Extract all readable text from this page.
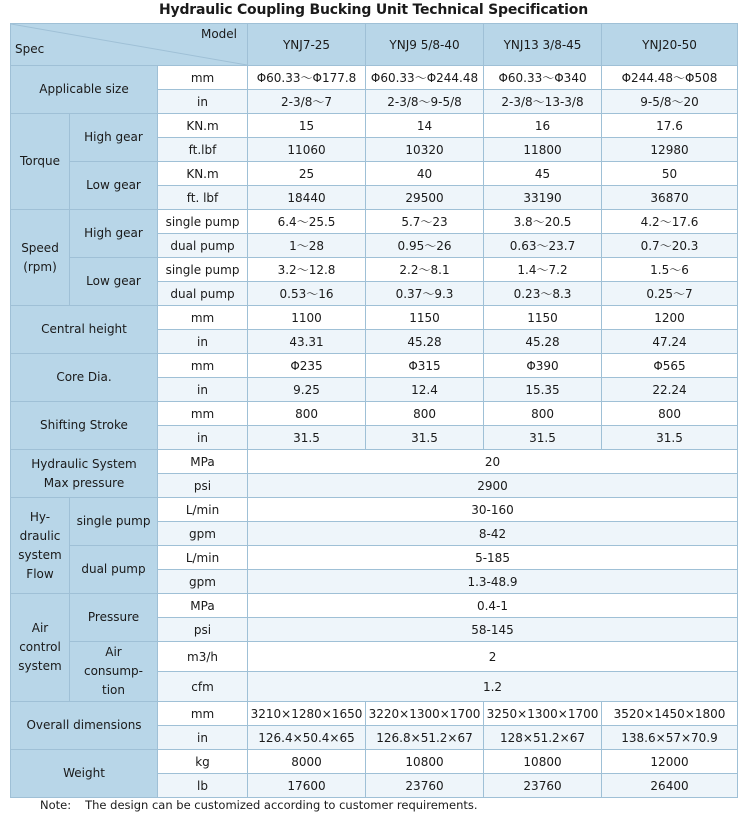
Hydraulic Coupling Bucking Unit Technical Specification
Model
Spec			YNJ7-25	YNJ9 5/8-40	YNJ13 3/8-45	YNJ20-50
Applicable size		mm	Φ60.33～Φ177.8	Φ60.33～Φ244.48	Φ60.33～Φ340	Φ244.48～Φ508
		in	2-3/8～7	2-3/8～9-5/8	2-3/8～13-3/8	9-5/8～20
Torque	High gear	KN.m	15	14	16	17.6
		ft.lbf	11060	10320	11800	12980
	Low gear	KN.m	25	40	45	50
		ft. lbf	18440	29500	33190	36870
Speed
(rpm)	High gear	single pump	6.4～25.5	5.7～23	3.8～20.5	4.2～17.6
		dual pump	1～28	0.95～26	0.63～23.7	0.7～20.3
	Low gear	single pump	3.2～12.8	2.2～8.1	1.4～7.2	1.5～6
		dual pump	0.53～16	0.37～9.3	0.23～8.3	0.25～7
Central height		mm	1100	1150	1150	1200
		in	43.31	45.28	45.28	47.24
Core Dia.		mm	Φ235	Φ315	Φ390	Φ565
		in	9.25	12.4	15.35	22.24
Shifting Stroke		mm	800	800	800	800
		in	31.5	31.5	31.5	31.5
Hydraulic System
Max pressure		MPa	20			
		psi	2900			
Hy-
draulic
system
Flow	single pump	L/min	30-160			
		gpm	8-42			
	dual pump	L/min	5-185			
		gpm	1.3-48.9			
Air
control
system	Pressure	MPa	0.4-1			
		psi	58-145			
	Air
consump-
tion	m3/h	2			
		cfm	1.2			
Overall dimensions		mm	3210×1280×1650	3220×1300×1700	3250×1300×1700	3520×1450×1800
		in	126.4×50.4×65	126.8×51.2×67	128×51.2×67	138.6×57×70.9
Weight		kg	8000	10800	10800	12000
		lb	17600	23760	23760	26400
Note: The design can be customized according to customer requirements.
